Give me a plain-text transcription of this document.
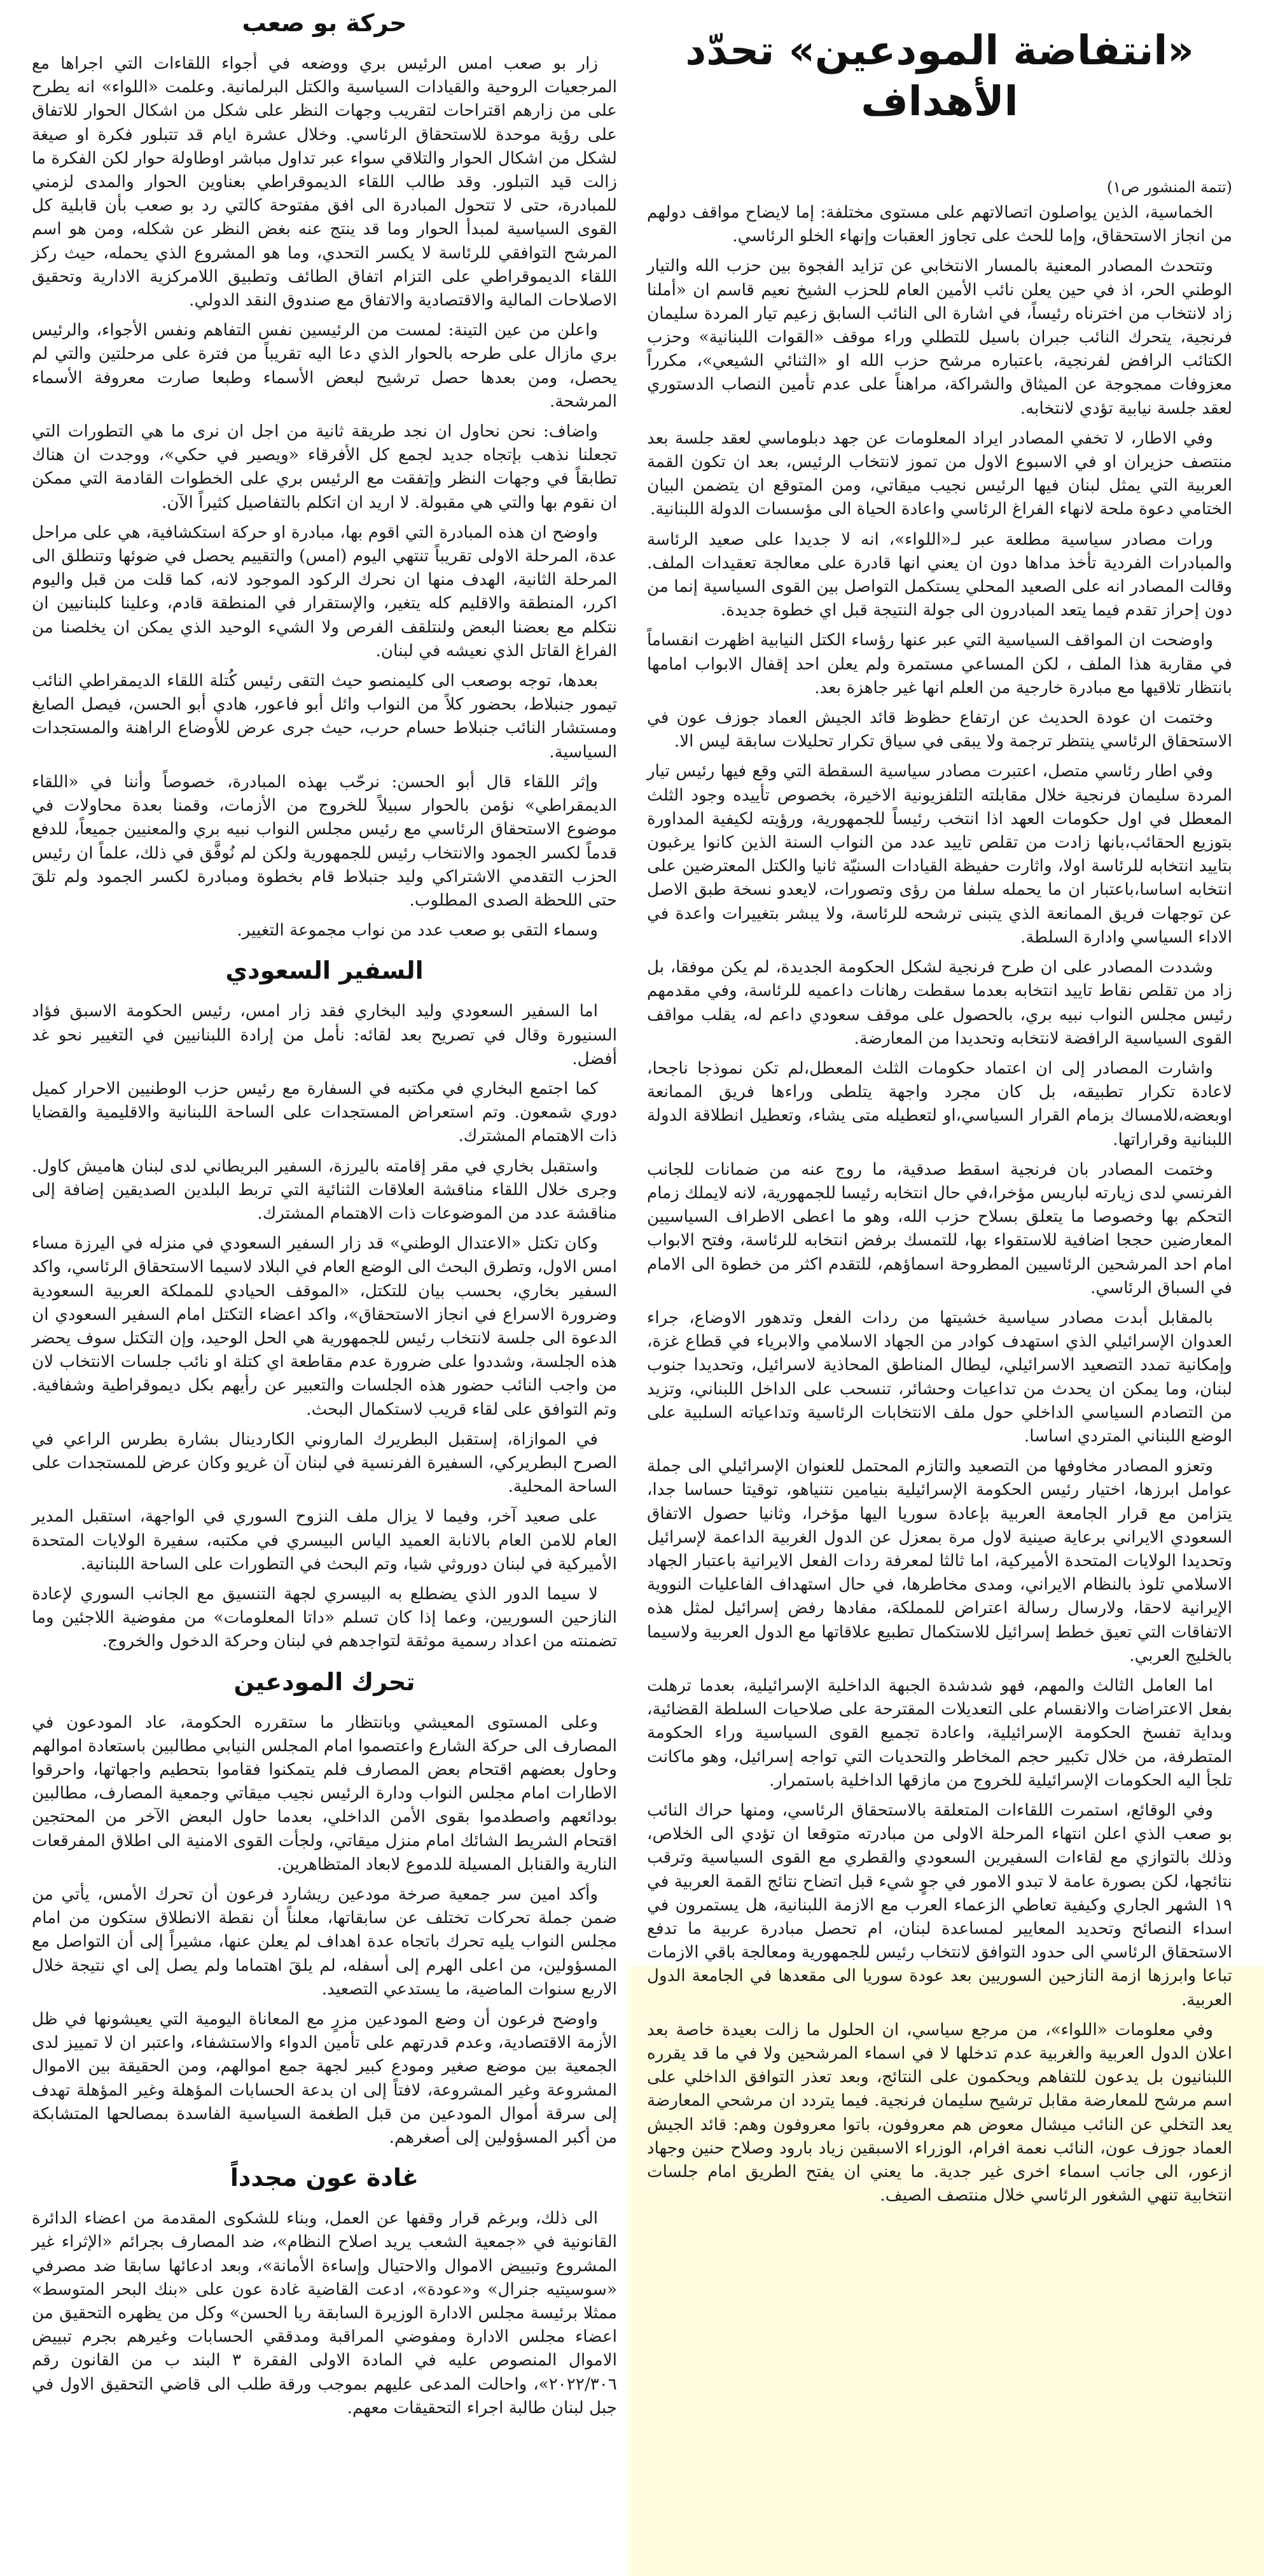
«انتفاضة المودعين» تحدّد الأهداف
(تتمة المنشور ص١)

الخماسية، الذين يواصلون اتصالاتهم على مستوى مختلفة: إما لايضاح مواقف دولهم من انجاز الاستحقاق، وإما للحث على تجاوز العقبات وإنهاء الخلو الرئاسي.

وتتحدث المصادر المعنية بالمسار الانتخابي عن تزايد الفجوة بين حزب الله والتيار الوطني الحر، اذ في حين يعلن نائب الأمين العام للحزب الشيخ نعيم قاسم ان «أملنا زاد لانتخاب من اخترناه رئيساً، في اشارة الى النائب السابق زعيم تيار المردة سليمان فرنجية، يتحرك النائب جبران باسيل للتطلي وراء موقف «القوات اللبنانية» وحزب الكتائب الرافض لفرنجية، باعتباره مرشح حزب الله او «الثنائي الشيعي»، مكرراً معزوفات ممجوجة عن الميثاق والشراكة، مراهناً على عدم تأمين النصاب الدستوري لعقد جلسة نيابية تؤدي لانتخابه.

وفي الاطار، لا تخفي المصادر ايراد المعلومات عن جهد دبلوماسي لعقد جلسة بعد منتصف حزيران او في الاسبوع الاول من تموز لانتخاب الرئيس، بعد ان تكون القمة العربية التي يمثل لبنان فيها الرئيس نجيب ميقاتي، ومن المتوقع ان يتضمن البيان الختامي دعوة ملحة لانهاء الفراغ الرئاسي واعادة الحياة الى مؤسسات الدولة اللبنانية.

ورات مصادر سياسية مطلعة عبر لـ«اللواء»، انه لا جديدا على صعيد الرئاسة والمبادرات الفردية تأخذ مداها دون ان يعني انها قادرة على معالجة تعقيدات الملف. وقالت المصادر انه على الصعيد المحلي يستكمل التواصل بين القوى السياسية إنما من دون إحراز تقدم فيما يتعد المبادرون الى جولة النتيجة قبل اي خطوة جديدة.

واوضحت ان المواقف السياسية التي عبر عنها رؤساء الكتل النيابية اظهرت انقساماً في مقاربة هذا الملف ، لكن المساعي مستمرة ولم يعلن احد إقفال الابواب امامها بانتظار تلاقيها مع مبادرة خارجية من العلم انها غير جاهزة بعد.

وختمت ان عودة الحديث عن ارتفاع حظوظ قائد الجيش العماد جوزف عون في الاستحقاق الرئاسي ينتظر ترجمة ولا يبقى في سياق تكرار تحليلات سابقة ليس الا.

وفي اطار رئاسي متصل، اعتبرت مصادر سياسية السقطة التي وقع فيها رئيس تيار المردة سليمان فرنجية خلال مقابلته التلفزيونية الاخيرة، بخصوص تأييده وجود الثلث المعطل في اول حكومات العهد اذا انتخب رئيساً للجمهورية، ورؤيته لكيفية المداورة بتوزيع الحقائب،بانها زادت من تقلص تاييد عدد من النواب السنة الذين كانوا يرغبون بتاييد انتخابه للرئاسة اولا، واثارت حفيظة القيادات السنيّة ثانيا والكتل المعترضين على انتخابه اساسا،باعتبار ان ما يحمله سلفا من رؤى وتصورات، لايعدو نسخة طبق الاصل عن توجهات فريق الممانعة الذي يتبنى ترشحه للرئاسة، ولا يبشر بتغييرات واعدة في الاداء السياسي وادارة السلطة.

وشددت المصادر على ان طرح فرنجية لشكل الحكومة الجديدة، لم يكن موفقا، بل زاد من تقلص نقاط تاييد انتخابه بعدما سقطت رهانات داعميه للرئاسة، وفي مقدمهم رئيس مجلس النواب نبيه بري، بالحصول على موقف سعودي داعم له، يقلب مواقف القوى السياسية الرافضة لانتخابه وتحديدا من المعارضة.

واشارت المصادر إلى ان اعتماد حكومات الثلث المعطل،لم تكن نموذجا ناجحا، لاعادة تكرار تطبيقه، بل كان مجرد واجهة يتلطى وراءها فريق الممانعة اوبعضه،للامساك بزمام القرار السياسي،او لتعطيله متى يشاء، وتعطيل انطلاقة الدولة اللبنانية وقراراتها.

وختمت المصادر بان فرنجية اسقط صدقية، ما روج عنه من ضمانات للجانب الفرنسي لدى زيارته لباريس مؤخرا،في حال انتخابه رئيسا للجمهورية، لانه لايملك زمام التحكم بها وخصوصا ما يتعلق بسلاح حزب الله، وهو ما اعطى الاطراف السياسيين المعارضين حججا اضافية للاستقواء بها، للتمسك برفض انتخابه للرئاسة، وفتح الابواب امام احد المرشحين الرئاسيين المطروحة اسماؤهم، للتقدم اكثر من خطوة الى الامام في السباق الرئاسي.

بالمقابل أبدت مصادر سياسية خشيتها من ردات الفعل وتدهور الاوضاع، جراء العدوان الإسرائيلي الذي استهدف كوادر من الجهاد الاسلامي والابرياء في قطاع غزة، وإمكانية تمدد التصعيد الاسرائيلي، ليطال المناطق المحاذية لاسرائيل، وتحديدا جنوب لبنان، وما يمكن ان يحدث من تداعيات وحشائر، تنسحب على الداخل اللبناني، وتزيد من التصادم السياسي الداخلي حول ملف الانتخابات الرئاسية وتداعياته السلبية على الوضع اللبناني المتردي اساسا.

وتعزو المصادر مخاوفها من التصعيد والتازم المحتمل للعنوان الإسرائيلي الى جملة عوامل ابرزها، اختيار رئيس الحكومة الإسرائيلية بنيامين نتنياهو، توقيتا حساسا جدا، يتزامن مع قرار الجامعة العربية بإعادة سوريا اليها مؤخرا، وثانيا حصول الاتفاق السعودي الايراني برعاية صينية لاول مرة بمعزل عن الدول الغربية الداعمة لإسرائيل وتحديدا الولايات المتحدة الأميركية، اما ثالثا لمعرفة ردات الفعل الايرانية باعتبار الجهاد الاسلامي تلوذ بالنظام الايراني، ومدى مخاطرها، في حال استهداف الفاعليات النووية الإيرانية لاحقا، ولارسال رسالة اعتراض للمملكة، مفادها رفض إسرائيل لمثل هذه الاتفاقات التي تعيق خطط إسرائيل للاستكمال تطبيع علاقاتها مع الدول العربية ولاسيما بالخليج العربي.

اما العامل الثالث والمهم، فهو شدشدة الجبهة الداخلية الإسرائيلية، بعدما ترهلت بفعل الاعتراضات والانقسام على التعديلات المقترحة على صلاحيات السلطة القضائية، وبداية تفسخ الحكومة الإسرائيلية، واعادة تجميع القوى السياسية وراء الحكومة المتطرفة، من خلال تكبير حجم المخاطر والتحديات التي تواجه إسرائيل، وهو ماكانت تلجأ اليه الحكومات الإسرائيلية للخروج من مازقها الداخلية باستمرار.

وفي الوقائع، استمرت اللقاءات المتعلقة بالاستحقاق الرئاسي، ومنها حراك النائب بو صعب الذي اعلن انتهاء المرحلة الاولى من مبادرته متوقعا ان تؤدي الى الخلاص، وذلك بالتوازي مع لقاءات السفيرين السعودي والقطري مع القوى السياسية وترقب نتائجها، لكن بصورة عامة لا تبدو الامور في جوٍ شيء قبل اتضاح نتائج القمة العربية في ١٩ الشهر الجاري وكيفية تعاطي الزعماء العرب مع الازمة اللبنانية، هل يستمرون في اسداء النصائح وتحديد المعايير لمساعدة لبنان، ام تحصل مبادرة عربية ما تدفع الاستحقاق الرئاسي الى حدود التوافق لانتخاب رئيس للجمهورية ومعالجة باقي الازمات تباعا وابرزها ازمة النازحين السوريين بعد عودة سوريا الى مقعدها في الجامعة الدول العربية.

وفي معلومات «اللواء»، من مرجع سياسي، ان الحلول ما زالت بعيدة خاصة بعد اعلان الدول العربية والغربية عدم تدخلها لا في اسماء المرشحين ولا في ما قد يقرره اللبنانيون بل يدعون للتفاهم ويحكمون على النتائج، وبعد تعذر التوافق الداخلي على اسم مرشح للمعارضة مقابل ترشيح سليمان فرنجية. فيما يتردد ان مرشحي المعارضة يعد التخلي عن النائب ميشال معوض هم معروفون، باتوا معروفون وهم: قائد الجيش العماد جوزف عون، النائب نعمة افرام، الوزراء الاسبقين زياد بارود وصلاح حنين وجهاد ازعور، الى جانب اسماء اخرى غير جدية. ما يعني ان يفتح الطريق امام جلسات انتخابية تنهي الشغور الرئاسي خلال منتصف الصيف.

حركة بو صعب

زار بو صعب امس الرئيس بري ووضعه في أجواء اللقاءات التي اجراها مع المرجعيات الروحية والقيادات السياسية والكتل البرلمانية. وعلمت «اللواء» انه يطرح على من زارهم اقتراحات لتقريب وجهات النظر على شكل من اشكال الحوار للاتفاق على رؤية موحدة للاستحقاق الرئاسي. وخلال عشرة ايام قد تتبلور فكرة او صيغة لشكل من اشكال الحوار والتلاقي سواء عبر تداول مباشر اوطاولة حوار لكن الفكرة ما زالت قيد التبلور. وقد طالب اللقاء الديموقراطي بعناوين الحوار والمدى لزمني للمبادرة، حتى لا تتحول المبادرة الى افق مفتوحة كالتي رد بو صعب بأن قابلية كل القوى السياسية لمبدأ الحوار وما قد ينتج عنه بغض النظر عن شكله، ومن هو اسم المرشح التوافقي للرئاسة لا يكسر التحدي، وما هو المشروع الذي يحمله، حيث ركز اللقاء الديموقراطي على التزام اتفاق الطائف وتطبيق اللامركزية الادارية وتحقيق الاصلاحات المالية والاقتصادية والاتفاق مع صندوق النقد الدولي.

واعلن من عين التينة: لمست من الرئيسين نفس التفاهم ونفس الأجواء، والرئيس بري مازال على طرحه بالحوار الذي دعا اليه تقريباً من فترة على مرحلتين والتي لم يحصل، ومن بعدها حصل ترشيح لبعض الأسماء وطبعا صارت معروفة الأسماء المرشحة.

واضاف: نحن نحاول ان نجد طريقة ثانية من اجل ان نرى ما هي التطورات التي تجعلنا نذهب بإتجاه جديد لجمع كل الأفرقاء «ويصير في حكي»، ووجدت ان هناك تطابقاً في وجهات النظر وإتفقت مع الرئيس بري على الخطوات القادمة التي ممكن ان نقوم بها والتي هي مقبولة. لا اريد ان اتكلم بالتفاصيل كثيراً الآن.

واوضح ان هذه المبادرة التي اقوم بها، مبادرة او حركة استكشافية، هي على مراحل عدة، المرحلة الاولى تقريباً تنتهي اليوم (امس) والتقييم يحصل في ضوئها وتنطلق الى المرحلة الثانية، الهدف منها ان نحرك الركود الموجود لانه، كما قلت من قبل واليوم اكرر، المنطقة والاقليم كله يتغير، والإستقرار في المنطقة قادم، وعلينا كلبنانيين ان نتكلم مع بعضنا البعض ولنتلقف الفرص ولا الشيء الوحيد الذي يمكن ان يخلصنا من الفراغ القاتل الذي نعيشه في لبنان.

بعدها، توجه بوصعب الى كليمنصو حيث التقى رئيس كُتلة اللقاء الديمقراطي النائب تيمور جنبلاط، بحضور كلاً من النواب وائل أبو فاعور، هادي أبو الحسن، فيصل الصايغ ومستشار النائب جنبلاط حسام حرب، حيث جرى عرض للأوضاع الراهنة والمستجدات السياسية.

وإثر اللقاء قال أبو الحسن: نرحّب بهذه المبادرة، خصوصاً وأننا في «اللقاء الديمقراطي» نؤمن بالحوار سبيلاً للخروج من الأزمات، وقمنا بعدة محاولات في موضوع الاستحقاق الرئاسي مع رئيس مجلس النواب نبيه بري والمعنيين جميعاً، للدفع قدماً لكسر الجمود والانتخاب رئيس للجمهورية ولكن لم نُوفَّق في ذلك، علماً ان رئيس الحزب التقدمي الاشتراكي وليد جنبلاط قام بخطوة ومبادرة لكسر الجمود ولم تلقَ حتى اللحظة الصدى المطلوب.

وسماء التقى بو صعب عدد من نواب مجموعة التغيير.

السفير السعودي

اما السفير السعودي وليد البخاري فقد زار امس، رئيس الحكومة الاسبق فؤاد السنيورة وقال في تصريح بعد لقائه: نأمل من إرادة اللبنانيين في التغيير نحو غد أفضل.

كما اجتمع البخاري في مكتبه في السفارة مع رئيس حزب الوطنيين الاحرار كميل دوري شمعون. وتم استعراض المستجدات على الساحة اللبنانية والاقليمية والقضايا ذات الاهتمام المشترك.

واستقبل بخاري في مقر إقامته باليرزة، السفير البريطاني لدى لبنان هاميش كاول. وجرى خلال اللقاء مناقشة العلاقات الثنائية التي تربط البلدين الصديقين إضافة إلى مناقشة عدد من الموضوعات ذات الاهتمام المشترك.

وكان تكتل «الاعتدال الوطني» قد زار السفير السعودي في منزله في اليرزة مساء امس الاول، وتطرق البحث الى الوضع العام في البلاد لاسيما الاستحقاق الرئاسي، واكد السفير بخاري، بحسب بيان للتكتل، «الموقف الحيادي للمملكة العربية السعودية وضرورة الاسراع في انجاز الاستحقاق»، واكد اعضاء التكتل امام السفير السعودي ان الدعوة الى جلسة لانتخاب رئيس للجمهورية هي الحل الوحيد، وإن التكتل سوف يحضر هذه الجلسة، وشددوا على ضرورة عدم مقاطعة اي كتلة او نائب جلسات الانتخاب لان من واجب النائب حضور هذه الجلسات والتعبير عن رأيهم بكل ديموقراطية وشفافية. وتم التوافق على لقاء قريب لاستكمال البحث.

في الموازاة، إستقبل البطريرك الماروني الكاردينال بشارة بطرس الراعي في الصرح البطريركي، السفيرة الفرنسية في لبنان آن غريو وكان عرض للمستجدات على الساحة المحلية.

على صعيد آخر، وفيما لا يزال ملف النزوح السوري في الواجهة، استقبل المدير العام للامن العام بالانابة العميد الياس البيسري في مكتبه، سفيرة الولايات المتحدة الأميركية في لبنان دوروثي شيا، وتم البحث في التطورات على الساحة اللبنانية.

لا سيما الدور الذي يضطلع به البيسري لجهة التنسيق مع الجانب السوري لإعادة النازحين السوريين، وعما إذا كان تسلم «داتا المعلومات» من مفوضية اللاجئين وما تضمنته من اعداد رسمية موثقة لتواجدهم في لبنان وحركة الدخول والخروج.

تحرك المودعين

وعلى المستوى المعيشي وبانتظار ما ستقرره الحكومة، عاد المودعون في المصارف الى حركة الشارع واعتصموا امام المجلس النيابي مطالبين باستعادة اموالهم وحاول بعضهم اقتحام بعض المصارف فلم يتمكنوا فقاموا بتحطيم واجهاتها، واحرقوا الاطارات امام مجلس النواب ودارة الرئيس نجيب ميقاتي وجمعية المصارف، مطالبين بودائعهم واصطدموا بقوى الأمن الداخلي، بعدما حاول البعض الآخر من المحتجين اقتحام الشريط الشائك امام منزل ميقاتي، ولجأت القوى الامنية الى اطلاق المفرقعات النارية والقنابل المسيلة للدموع لابعاد المتظاهرين.

وأكد امين سر جمعية صرخة مودعين ريشارد فرعون أن تحرك الأمس، يأتي من ضمن جملة تحركات تختلف عن سابقاتها، معلناً أن نقطة الانطلاق ستكون من امام مجلس النواب يليه تحرك باتجاه عدة اهداف لم يعلن عنها، مشيراً إلى أن التواصل مع المسؤولين، من اعلى الهرم إلى أسفله، لم يلقَ اهتماما ولم يصل إلى اي نتيجة خلال الاربع سنوات الماضية، ما يستدعي التصعيد.

واوضح فرعون أن وضع المودعين مزرٍ مع المعاناة اليومية التي يعيشونها في ظل الأزمة الاقتصادية، وعدم قدرتهم على تأمين الدواء والاستشفاء، واعتبر ان لا تمييز لدى الجمعية بين موضع صغير ومودع كبير لجهة جمع اموالهم، ومن الحقيقة بين الاموال المشروعة وغير المشروعة، لافتاً إلى ان بدعة الحسابات المؤهلة وغير المؤهلة تهدف إلى سرقة أموال المودعين من قبل الطغمة السياسية الفاسدة بمصالحها المتشابكة من أكبر المسؤولين إلى أصغرهم.

غادة عون مجدداً

الى ذلك، وبرغم قرار وقفها عن العمل، وبناء للشكوى المقدمة من اعضاء الدائرة القانونية في «جمعية الشعب يريد اصلاح النظام»، ضد المصارف بجرائم «الإثراء غير المشروع وتبييض الاموال والاحتيال وإساءة الأمانة»، وبعد ادعائها سابقا ضد مصرفي «سوسيتيه جنرال» و«عودة»، ادعت القاضية غادة عون على «بنك البحر المتوسط» ممثلا برئيسة مجلس الادارة الوزيرة السابقة ريا الحسن» وكل من يظهره التحقيق من اعضاء مجلس الادارة ومفوضي المراقبة ومدققي الحسابات وغيرهم بجرم تبييض الاموال المنصوص عليه في المادة الاولى الفقرة ٣ البند ب من القانون رقم ٢٠٢٢/٣٠٦»، واحالت المدعى عليهم بموجب ورقة طلب الى قاضي التحقيق الاول في جبل لبنان طالبة اجراء التحقيقات معهم.
